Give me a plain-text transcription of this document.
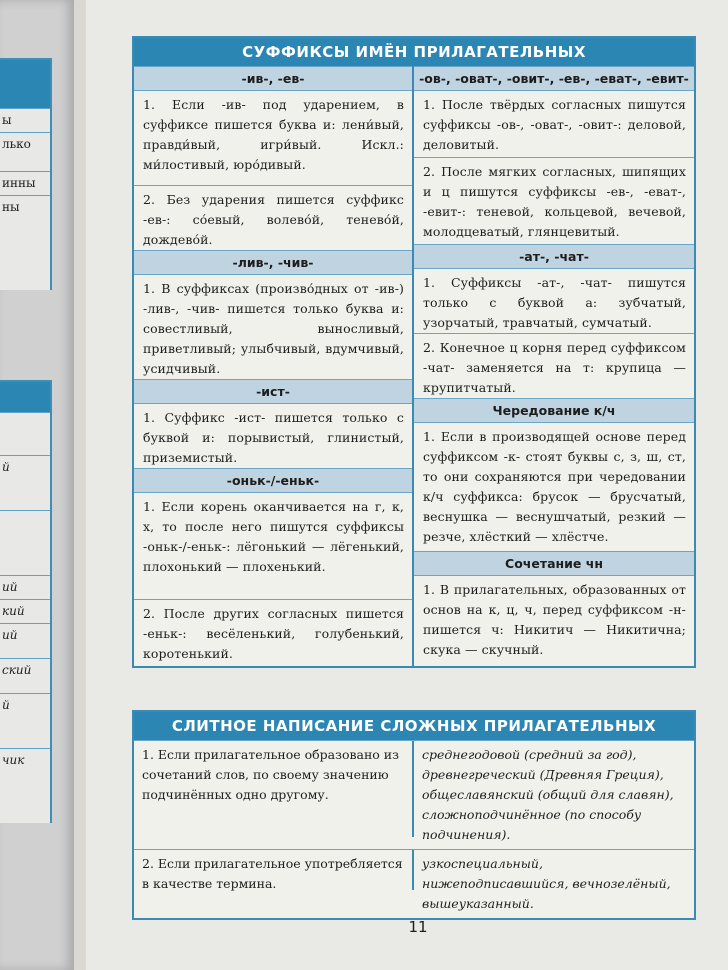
ы
лько
инны
ны
й
ий
кий
ий
ский
й
чик
СУФФИКСЫ ИМЁН ПРИЛАГАТЕЛЬНЫХ
-ив-, -ев-
1. Если -ив- под ударением, в суффиксе пишется буква и: лени́вый, правди́вый, игри́вый. Искл.: ми́лостивый, юро́дивый.
2. Без ударения пишется суффикс -ев-: со́евый, волево́й, тенево́й, дождево́й.
-лив-, -чив-
1. В суффиксах (произво́дных от -ив-) -лив-, -чив- пишется только буква и: совестливый, выносливый, приветливый; улыбчивый, вдумчивый, усидчивый.
-ист-
1. Суффикс -ист- пишется только с буквой и: порывистый, глинистый, приземистый.
-оньк-/-еньк-
1. Если корень оканчивается на г, к, х, то после него пишутся суффиксы -оньк-/-еньк-: лёгонький — лёгенький, плохонький — плохенький.
2. После других согласных пишется -еньк-: весёленький, голубенький, коротенький.
-ов-, -оват-, -овит-, -ев-, -еват-, -евит-
1. После твёрдых согласных пишутся суффиксы -ов-, -оват-, -овит-: деловой, деловитый.
2. После мягких согласных, шипящих и ц пишутся суффиксы -ев-, -еват-, -евит-: теневой, кольцевой, вечевой, молодцеватый, глянцевитый.
-ат-, -чат-
1. Суффиксы -ат-, -чат- пишутся только с буквой а: зубчатый, узорчатый, травчатый, сумчатый.
2. Конечное ц корня перед суффиксом -чат- заменяется на т: крупица — крупитчатый.
Чередование к/ч
1. Если в производящей основе перед суффиксом -к- стоят буквы с, з, ш, ст, то они сохраняются при чередовании к/ч суффикса: брусок — брусчатый, веснушка — веснушчатый, резкий — резче, хлёсткий — хлёстче.
Сочетание чн
1. В прилагательных, образованных от основ на к, ц, ч, перед суффиксом -н- пишется ч: Никитич — Никитична; скука — скучный.
СЛИТНОЕ НАПИСАНИЕ СЛОЖНЫХ ПРИЛАГАТЕЛЬНЫХ
1. Если прилагательное образовано из сочетаний слов, по своему значению подчинённых одно другому.
среднегодовой (средний за год), древнегреческий (Древняя Греция), общеславянский (общий для славян), сложноподчинённое (по способу подчинения).
2. Если прилагательное употребляется в качестве термина.
узкоспециальный, нижеподписавшийся, вечнозелёный, вышеуказанный.
11
